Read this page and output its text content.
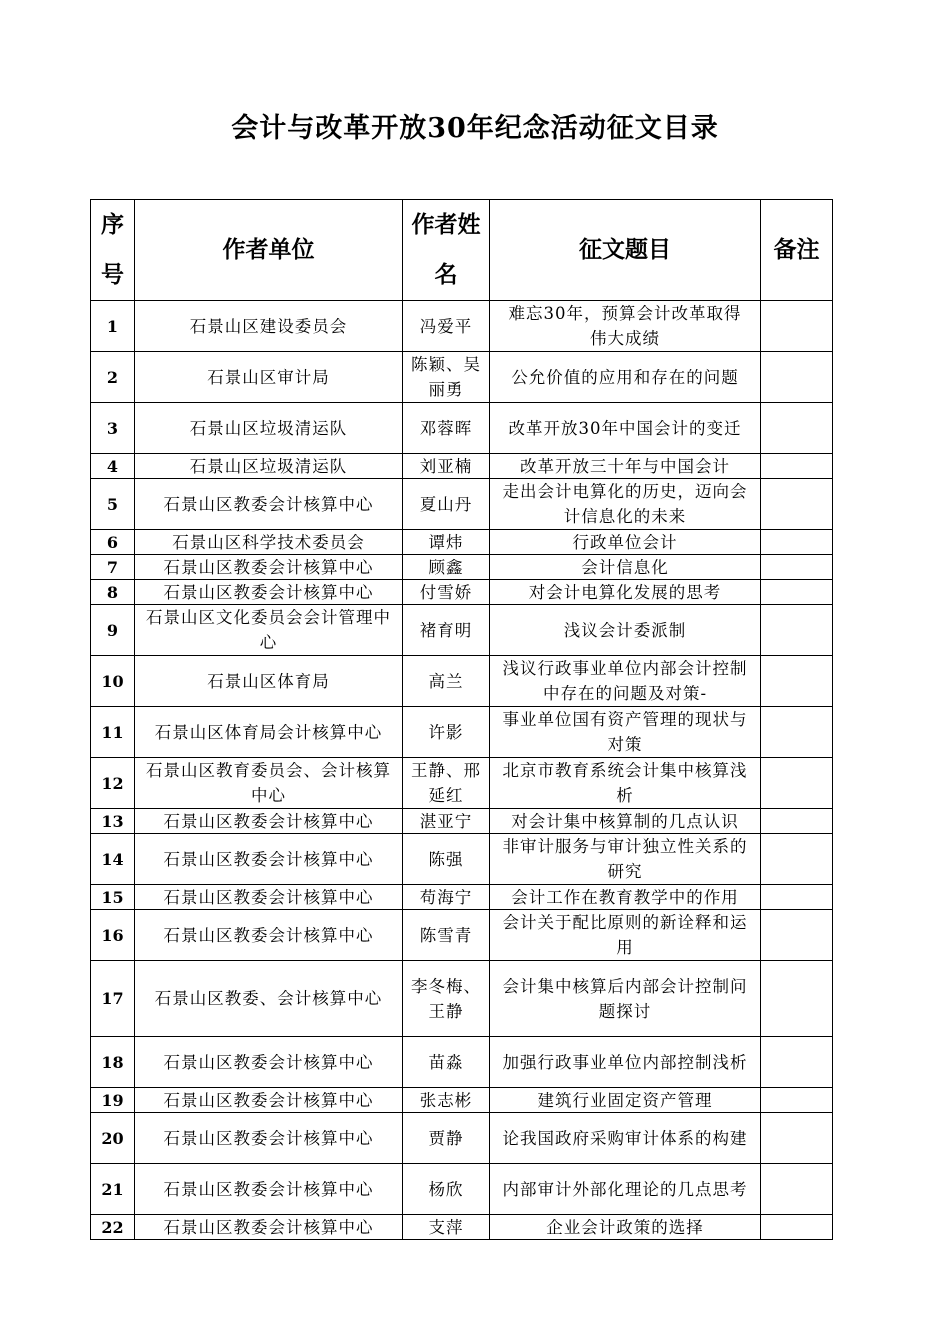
会计与改革开放30年纪念活动征文目录
序号	作者单位	作者姓名	征文题目	备注
1	石景山区建设委员会	冯爱平	难忘30年，预算会计改革取得伟大成绩	
2	石景山区审计局	陈颖、吴丽勇	公允价值的应用和存在的问题	
3	石景山区垃圾清运队	邓蓉晖	改革开放30年中国会计的变迁	
4	石景山区垃圾清运队	刘亚楠	改革开放三十年与中国会计	
5	石景山区教委会计核算中心	夏山丹	走出会计电算化的历史，迈向会计信息化的未来	
6	石景山区科学技术委员会	谭炜	行政单位会计	
7	石景山区教委会计核算中心	顾鑫	会计信息化	
8	石景山区教委会计核算中心	付雪娇	对会计电算化发展的思考	
9	石景山区文化委员会会计管理中心	褚育明	浅议会计委派制	
10	石景山区体育局	高兰	浅议行政事业单位内部会计控制中存在的问题及对策-	
11	石景山区体育局会计核算中心	许影	事业单位国有资产管理的现状与对策	
12	石景山区教育委员会、会计核算中心	王静、邢延红	北京市教育系统会计集中核算浅析	
13	石景山区教委会计核算中心	湛亚宁	对会计集中核算制的几点认识	
14	石景山区教委会计核算中心	陈强	非审计服务与审计独立性关系的研究	
15	石景山区教委会计核算中心	苟海宁	会计工作在教育教学中的作用	
16	石景山区教委会计核算中心	陈雪青	会计关于配比原则的新诠释和运用	
17	石景山区教委、会计核算中心	李冬梅、王静	会计集中核算后内部会计控制问题探讨	
18	石景山区教委会计核算中心	苗淼	加强行政事业单位内部控制浅析	
19	石景山区教委会计核算中心	张志彬	建筑行业固定资产管理	
20	石景山区教委会计核算中心	贾静	论我国政府采购审计体系的构建	
21	石景山区教委会计核算中心	杨欣	内部审计外部化理论的几点思考	
22	石景山区教委会计核算中心	支萍	企业会计政策的选择	
